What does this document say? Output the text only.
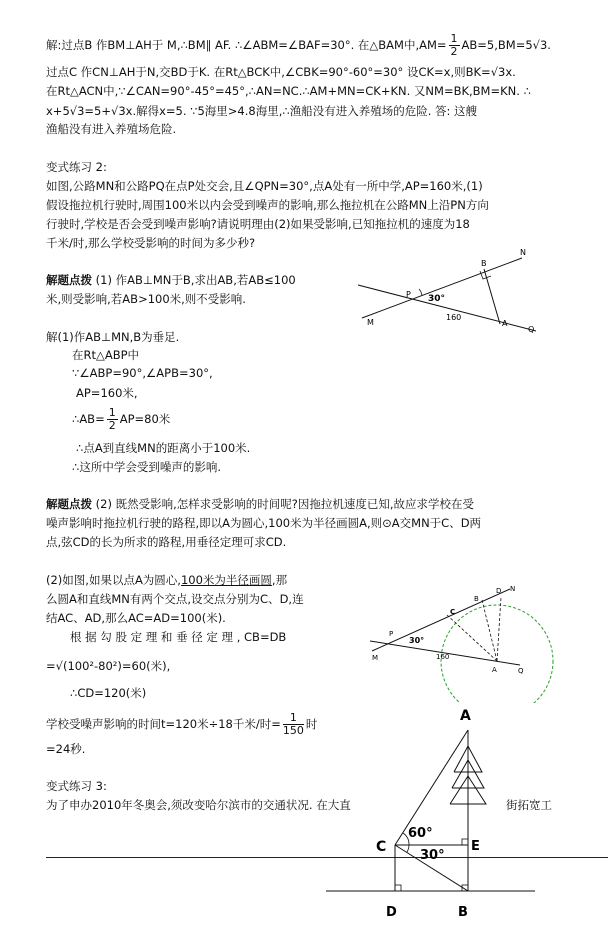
解:过点B 作BM⊥AH于 M,∴BM∥ AF. ∴∠ABM=∠BAF=30°. 在△BAM中$,AM= \frac{1}{2} AB=5,BM=5√3$.
过点C 作CN⊥AH于N,交BD于K. 在Rt△BCK中,∠CBK=90°-60°=30° 设CK=x,则BK=√3x.
在Rt△ACN中,∵∠CAN=90°-45°=45°,∴AN=NC.∴AM+MN=CK+KN. 又NM=BK,BM=KN. ∴
x+5√3=5+√3x.解得x=5. ∵5海里>4.8海里,∴渔船没有进入养殖场的危险. 答: 这艘
渔船没有进入养殖场危险.
变式练习 2:
如图,公路MN和公路PQ在点P处交会,且∠QPN=30°,点A处有一所中学,AP=160米,(1)
假设拖拉机行驶时,周围100米以内会受到噪声的影响,那么拖拉机在公路MN上沿PN方向
行驶时,学校是否会受到噪声影响?请说明理由(2)如果受影响,已知拖拉机的速度为18
千米/时,那么学校受影响的时间为多少秒?
解题点拨 (1) 作AB⊥MN于B,求出AB,若AB≤100
米,则受影响,若AB>100米,则不受影响.
N
B
P 30°
160
A
M
Q
解(1)作AB⊥MN,B为垂足.
在Rt△ABP中
∵∠ABP=90°,∠APB=30°,
AP=160米,
∴AB= $\frac{1}{2} AP=80$米
∴点A到直线MN的距离小于100米.
∴这所中学会受到噪声的影响.
解题点拨 (2) 既然受影响,怎样求受影响的时间呢?因拖拉机速度已知,故应求学校在受
噪声影响时拖拉机行驶的路程,即以A为圆心,100米为半径画圆A,则⊙A交MN于C、D两
点,弦CD的长为所求的路程,用垂径定理可求CD.
(2)如图,如果以点A为圆心,100米为半径画圆,那
么圆A和直线MN有两个交点,设交点分别为C、D,连
结AC、AD,那么AC=AD=100(米).
根 据 勾 股 定 理 和 垂 径 定 理 , CB=DB
=√(100²-80²)=60(米),
∴CD=120(米)
学校受噪声影响的时间t=120米÷18千米/时= $\frac{1}{150}$ 时
=24秒.
N
D
B
C
P
30°
160
A
M
Q
变式练习 3:
为了申办2010年冬奥会,须改变哈尔滨市的交通状况. 在大直	街拓宽工
A
C	E
D	B
60°
30°
